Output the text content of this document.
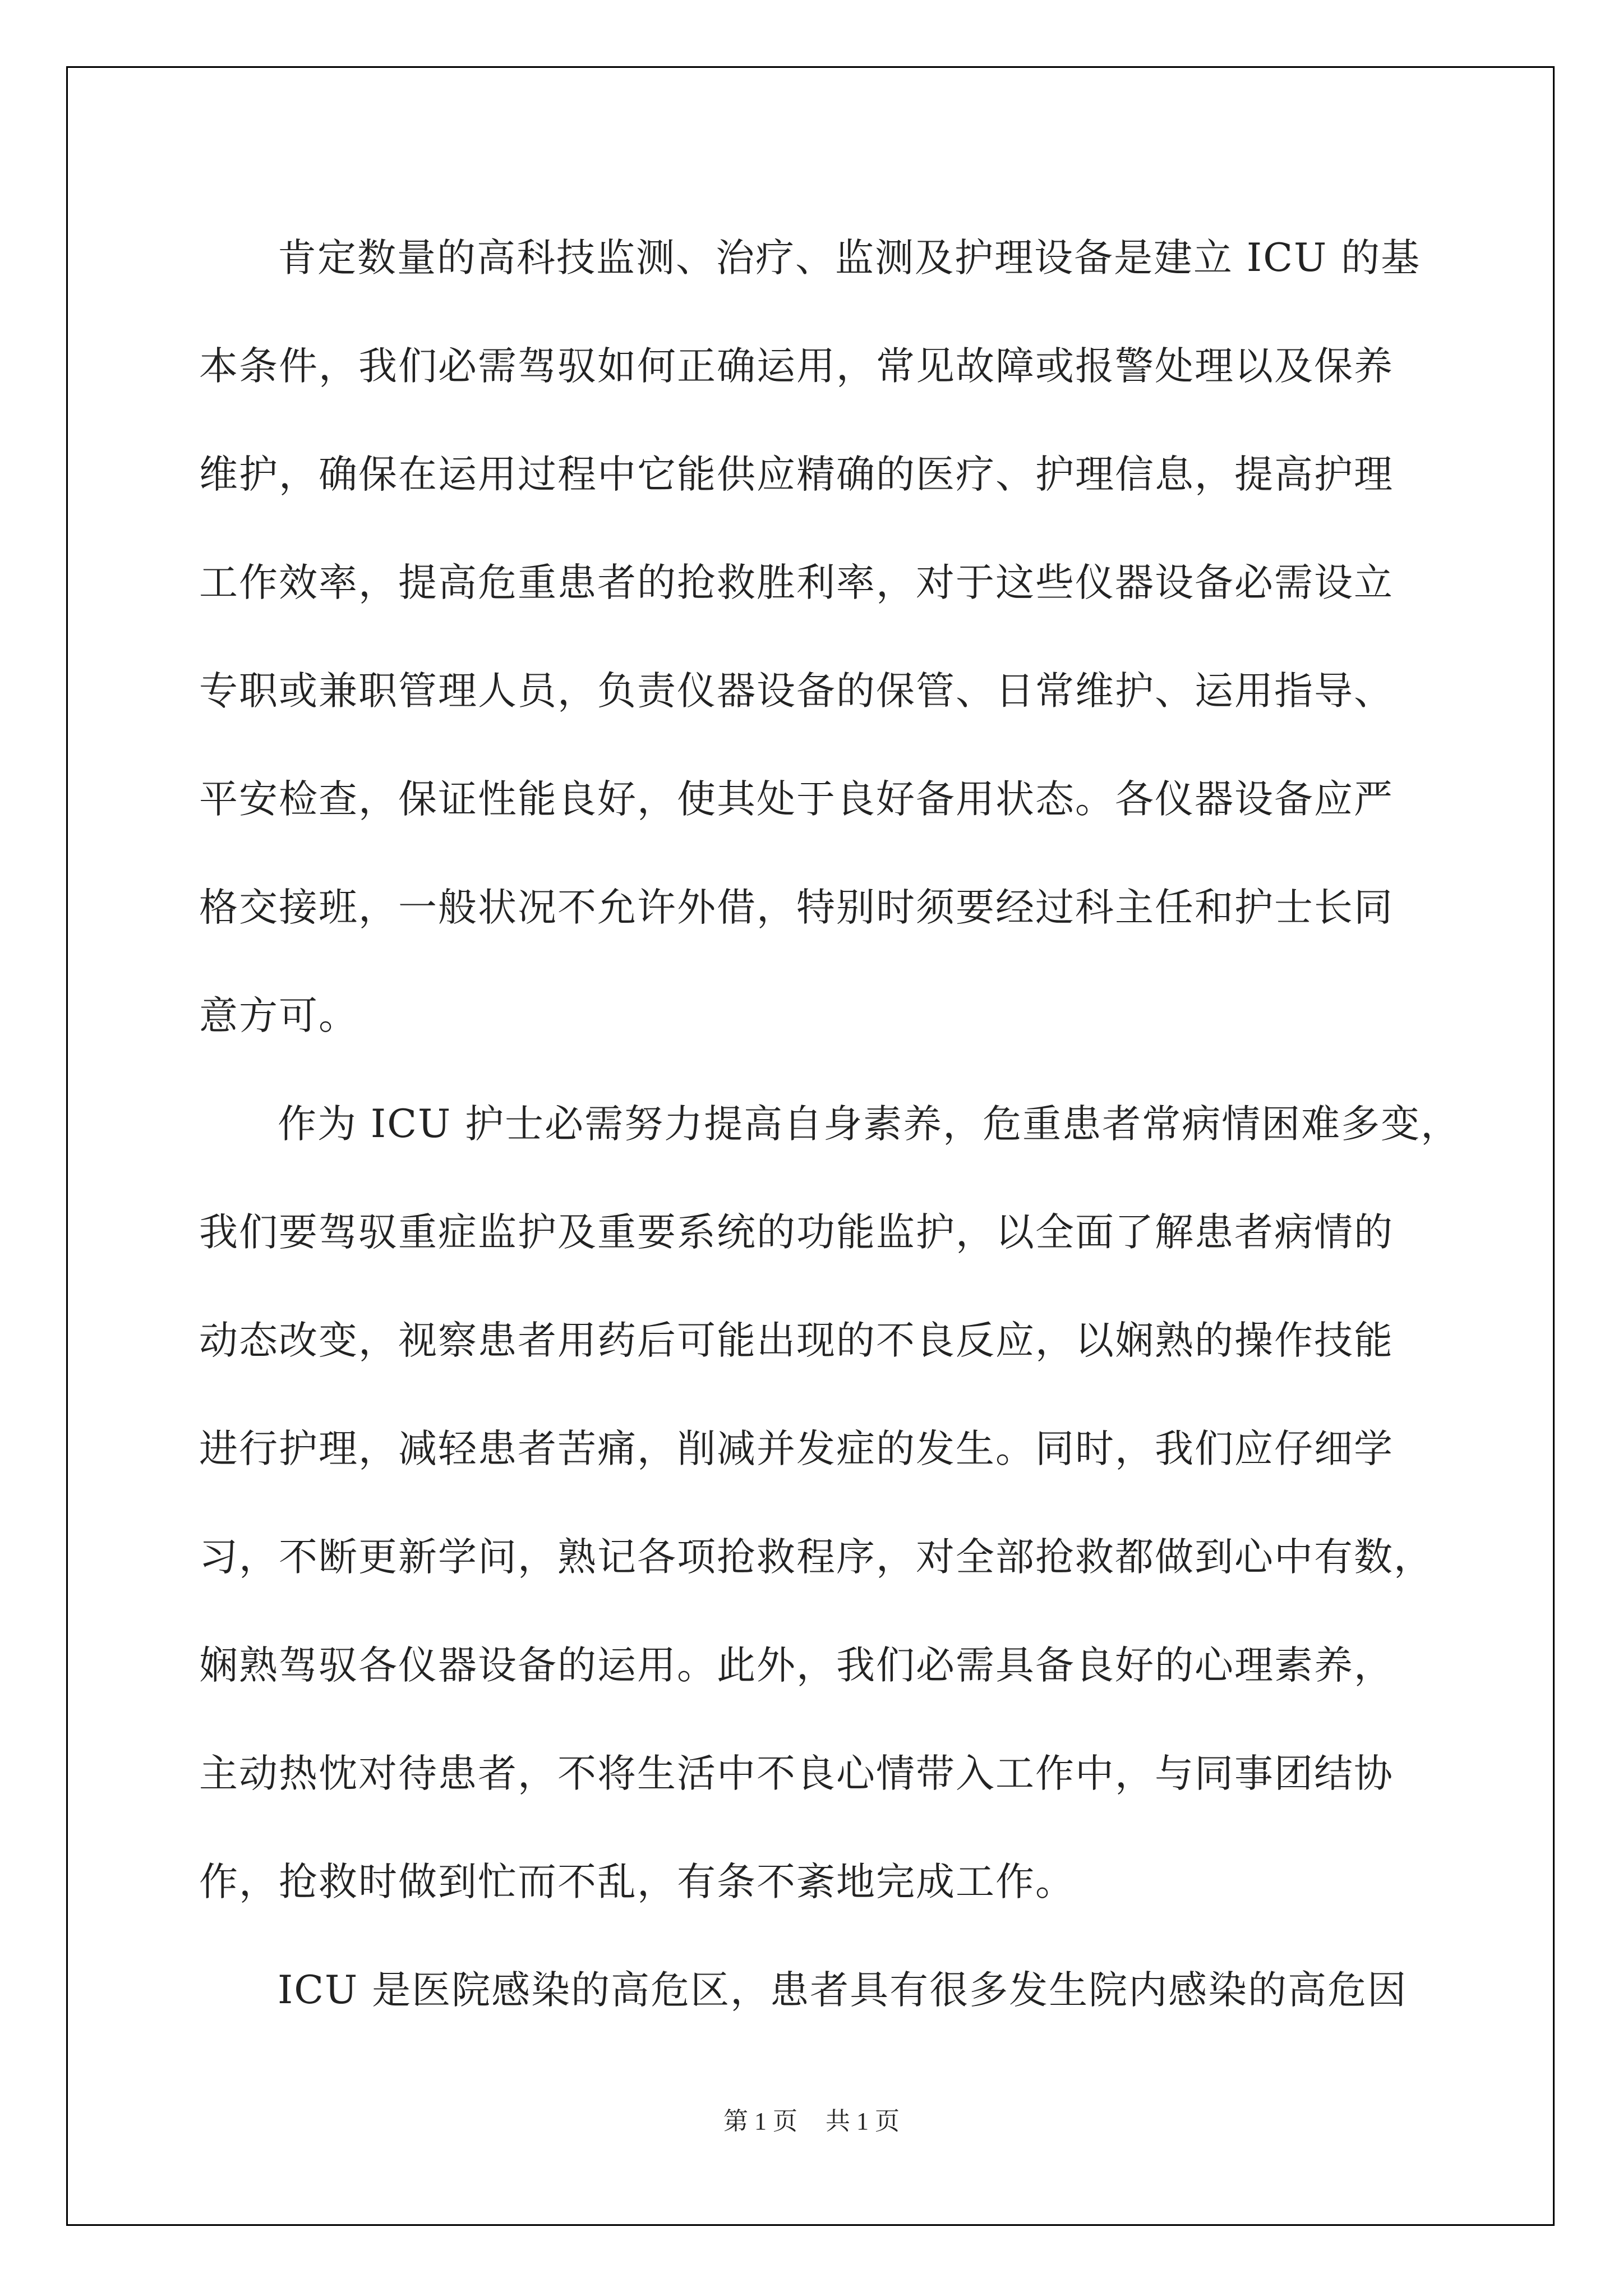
肯定数量的高科技监测、治疗、监测及护理设备是建立 ICU 的基
本条件，我们必需驾驭如何正确运用，常见故障或报警处理以及保养
维护，确保在运用过程中它能供应精确的医疗、护理信息，提高护理
工作效率，提高危重患者的抢救胜利率，对于这些仪器设备必需设立
专职或兼职管理人员，负责仪器设备的保管、日常维护、运用指导、
平安检查，保证性能良好，使其处于良好备用状态。各仪器设备应严
格交接班，一般状况不允许外借，特别时须要经过科主任和护士长同
意方可。
作为 ICU 护士必需努力提高自身素养，危重患者常病情困难多变，
我们要驾驭重症监护及重要系统的功能监护，以全面了解患者病情的
动态改变，视察患者用药后可能出现的不良反应，以娴熟的操作技能
进行护理，减轻患者苦痛，削减并发症的发生。同时，我们应仔细学
习，不断更新学问，熟记各项抢救程序，对全部抢救都做到心中有数，
娴熟驾驭各仪器设备的运用。此外，我们必需具备良好的心理素养，
主动热忱对待患者，不将生活中不良心情带入工作中，与同事团结协
作，抢救时做到忙而不乱，有条不紊地完成工作。
ICU 是医院感染的高危区，患者具有很多发生院内感染的高危因
第 1 页 共 1 页
